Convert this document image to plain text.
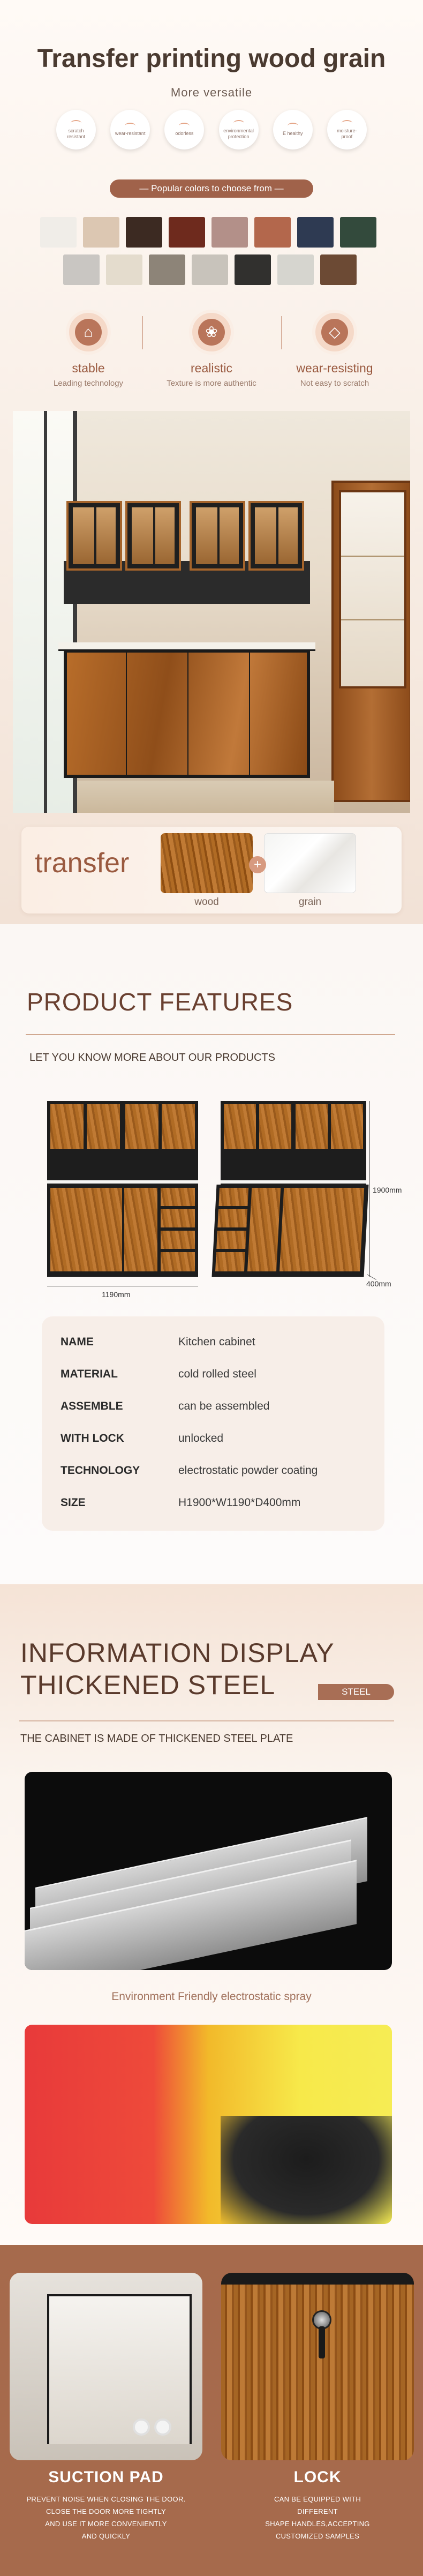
Transfer printing wood grain
More versatile
scratch resistant
wear-resistant	odorless
environmental protection
E healthy
moisture-proof
— Popular colors to choose from —
⌂
stable
Leading technology
❀
realistic
Texture is more authentic
◇
wear-resisting
Not easy to scratch
transfer	+
wood	grain
PRODUCT FEATURES
LET YOU KNOW MORE ABOUT OUR PRODUCTS
1190mm
1900mm
400mm
NAME	Kitchen cabinet
MATERIAL	cold rolled steel
ASSEMBLE	can be assembled
WITH LOCK	unlocked
TECHNOLOGY	electrostatic powder coating
SIZE	H1900*W1190*D400mm
INFORMATION DISPLAY
THICKENED STEEL	STEEL
THE CABINET IS MADE OF THICKENED STEEL PLATE
Environment Friendly electrostatic spray
SUCTION PAD
PREVENT NOISE WHEN CLOSING THE DOOR.
CLOSE THE DOOR MORE TIGHTLY
AND USE IT MORE CONVENIENTLY
AND QUICKLY
LOCK
CAN BE EQUIPPED WITH
DIFFERENT
SHAPE HANDLES,ACCEPTING
CUSTOMIZED SAMPLES
